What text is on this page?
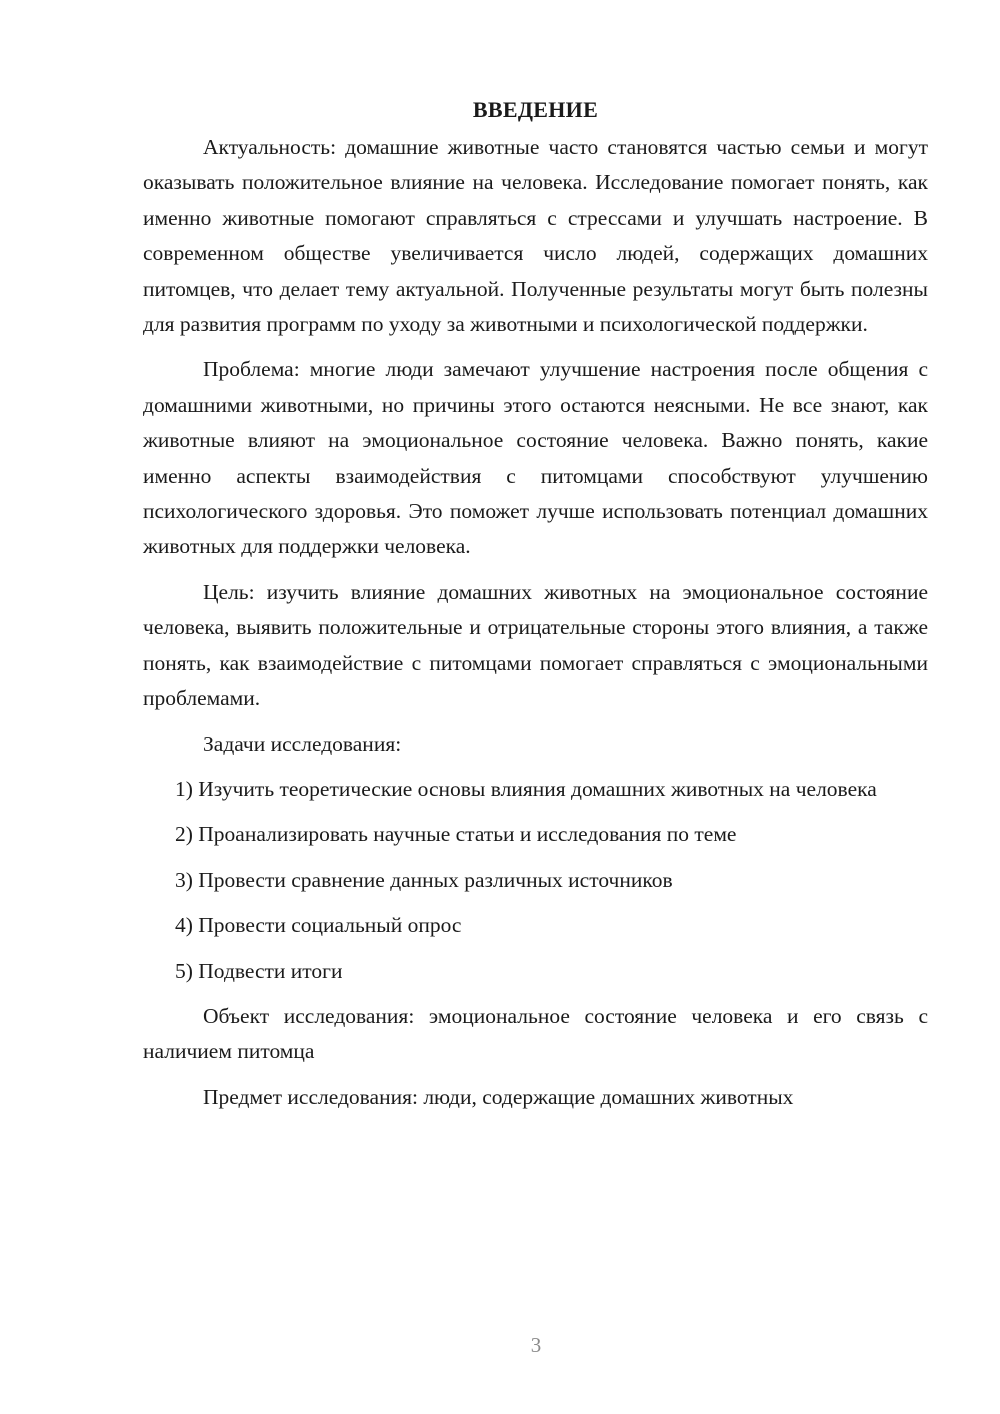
ВВЕДЕНИЕ

Актуальность: домашние животные часто становятся частью семьи и могут оказывать положительное влияние на человека. Исследование помогает понять, как именно животные помогают справляться с стрессами и улучшать настроение. В современном обществе увеличивается число людей, содержащих домашних питомцев, что делает тему актуальной. Полученные результаты могут быть полезны для развития программ по уходу за животными и психологической поддержки.

Проблема: многие люди замечают улучшение настроения после общения с домашними животными, но причины этого остаются неясными. Не все знают, как животные влияют на эмоциональное состояние человека. Важно понять, какие именно аспекты взаимодействия с питомцами способствуют улучшению психологического здоровья. Это поможет лучше использовать потенциал домашних животных для поддержки человека.

Цель: изучить влияние домашних животных на эмоциональное состояние человека, выявить положительные и отрицательные стороны этого влияния, а также понять, как взаимодействие с питомцами помогает справляться с эмоциональными проблемами.

Задачи исследования:

1) Изучить теоретические основы влияния домашних животных на человека

2) Проанализировать научные статьи и исследования по теме

3) Провести сравнение данных различных источников

4) Провести социальный опрос

5) Подвести итоги

Объект исследования: эмоциональное состояние человека и его связь с наличием питомца

Предмет исследования: люди, содержащие домашних животных

3
